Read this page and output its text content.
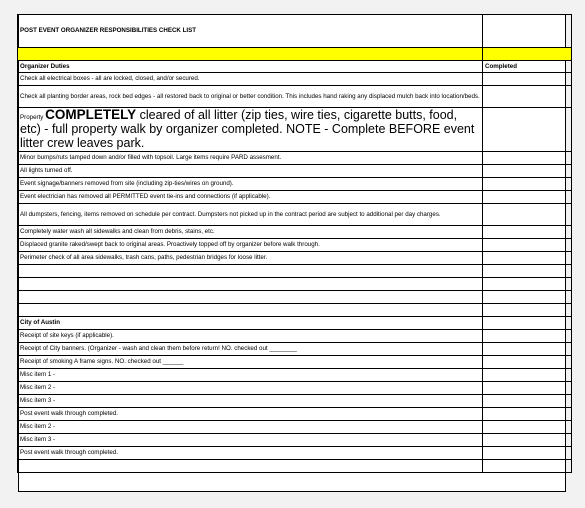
POST EVENT ORGANIZER RESPONSIBILITIES CHECK LIST	

Organizer Duties	Completed
Check all electrical boxes - all are locked, closed, and/or secured.	
Check all planting border areas, rock bed edges - all restored back to original or better condition. This includes hand raking any displaced mulch back into location/beds.	
Property COMPLETELY cleared of all litter (zip ties, wire ties, cigarette butts, food, etc) - full property walk by organizer completed. NOTE - Complete BEFORE event litter crew leaves park.	
Minor bumps/ruts tamped down and/or filled with topsoil. Large items require PARD assesment.	
All lights turned off.	
Event signage/banners removed from site (including zip-ties/wires on ground).	
Event electrician has removed all PERMITTED event tie-ins and connections (if applicable).	
All dumpsters, fencing, items removed on schedule per contract. Dumpsters not picked up in the contract period are subject to additional per day charges.	
Completely water wash all sidewalks and clean from debris, stains, etc.	
Displaced granite raked/swept back to original areas. Proactively topped off by organizer before walk through.	
Perimeter check of all area sidewalks, trash cans, paths, pedestrian bridges for loose litter.	

City of Austin	
Receipt of site keys (if applicable).	
Receipt of City banners. (Organizer - wash and clean them before return! NO. checked out ________	
Receipt of smoking A frame signs. NO. checked out ______	
Misc item 1 -	
Misc item 2 -	
Misc item 3 -	
Post event walk through completed.	
Misc item 2 -	
Misc item 3 -	
Post event walk through completed.	
